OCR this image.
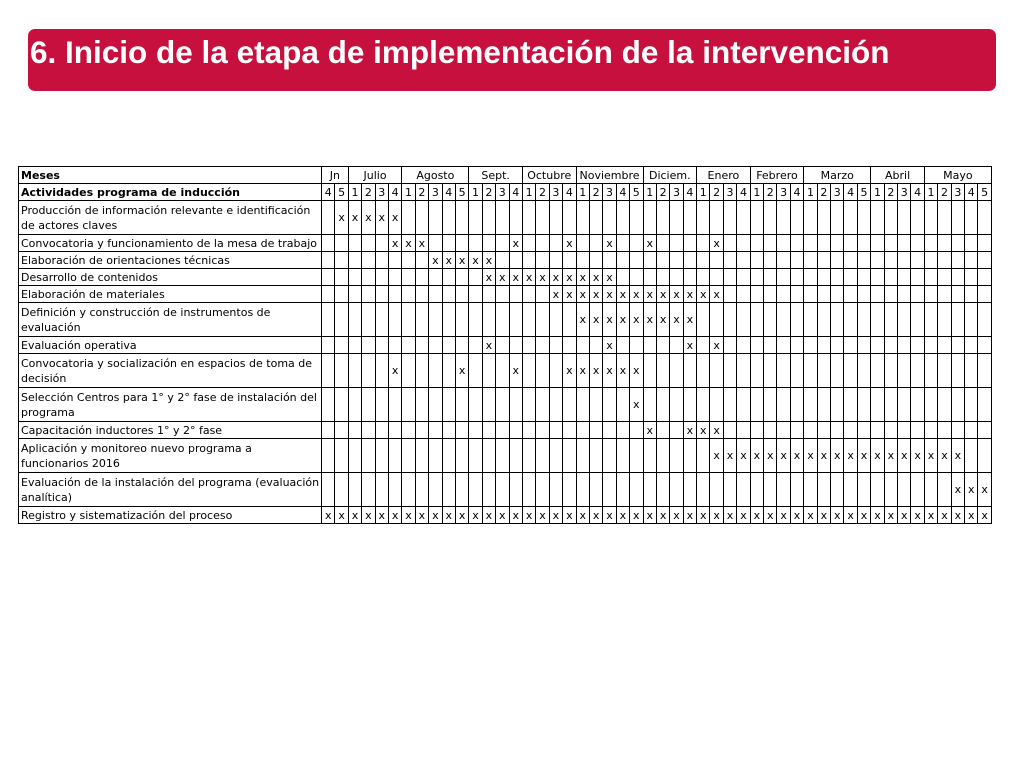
6. Inicio de la etapa de implementación de la intervención
Meses	Jn		Julio				Agosto					Sept.				Octubre				Noviembre					Diciem.				Enero				Febrero				Marzo					Abril				Mayo				
Actividades programa de inducción	4	5	1	2	3	4	1	2	3	4	5	1	2	3	4	1	2	3	4	1	2	3	4	5	1	2	3	4	1	2	3	4	1	2	3	4	1	2	3	4	5	1	2	3	4	1	2	3	4	5
Producción de información relevante e identificación de actores claves		x	x	x	x	x																																												
Convocatoria y funcionamiento de la mesa de trabajo						x	x	x							x				x			x			x					x																				
Elaboración de orientaciones técnicas									x	x	x	x	x																																					
Desarrollo de contenidos													x	x	x	x	x	x	x	x	x	x																												
Elaboración de materiales																		x	x	x	x	x	x	x	x	x	x	x	x	x																				
Definición y construcción de instrumentos de evaluación																				x	x	x	x	x	x	x	x	x																						
Evaluación operativa													x									x						x		x																				
Convocatoria y socialización en espacios de toma de decisión						x					x				x				x	x	x	x	x	x																										
Selección Centros para 1° y 2° fase de instalación del programa																								x																										
Capacitación inductores 1° y 2° fase																									x			x	x	x																				
Aplicación y monitoreo nuevo programa a funcionarios 2016																														x	x	x	x	x	x	x	x	x	x	x	x	x	x	x	x	x	x	x		
Evaluación de la instalación del programa (evaluación analítica)																																																x	x	x
Registro y sistematización del proceso	x	x	x	x	x	x	x	x	x	x	x	x	x	x	x	x	x	x	x	x	x	x	x	x	x	x	x	x	x	x	x	x	x	x	x	x	x	x	x	x	x	x	x	x	x	x	x	x	x	x
